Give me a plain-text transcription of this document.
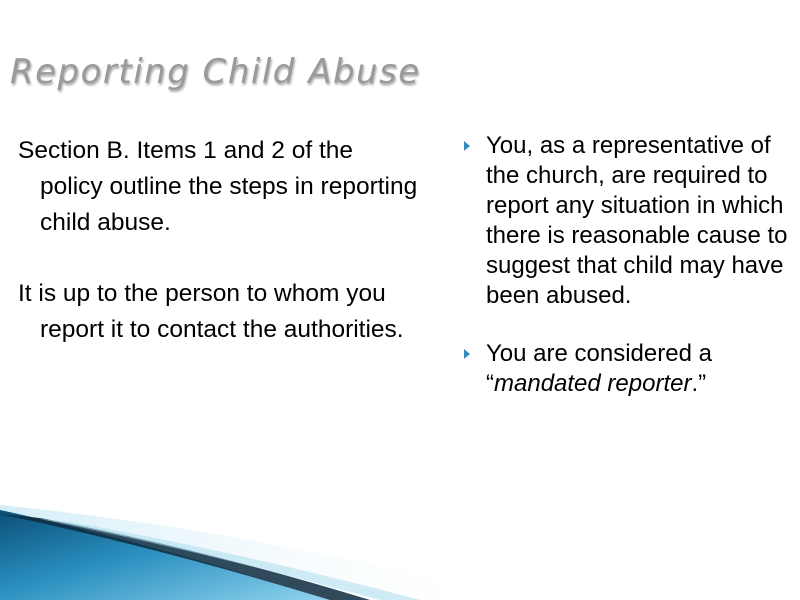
Reporting Child Abuse

Section B. Items 1 and 2 of the policy outline the steps in reporting child abuse.

It is up to the person to whom you report it to contact the authorities.

You, as a representative of the church, are required to report any situation in which there is reasonable cause to suggest that child may have been abused.
You are considered a “mandated reporter.”
